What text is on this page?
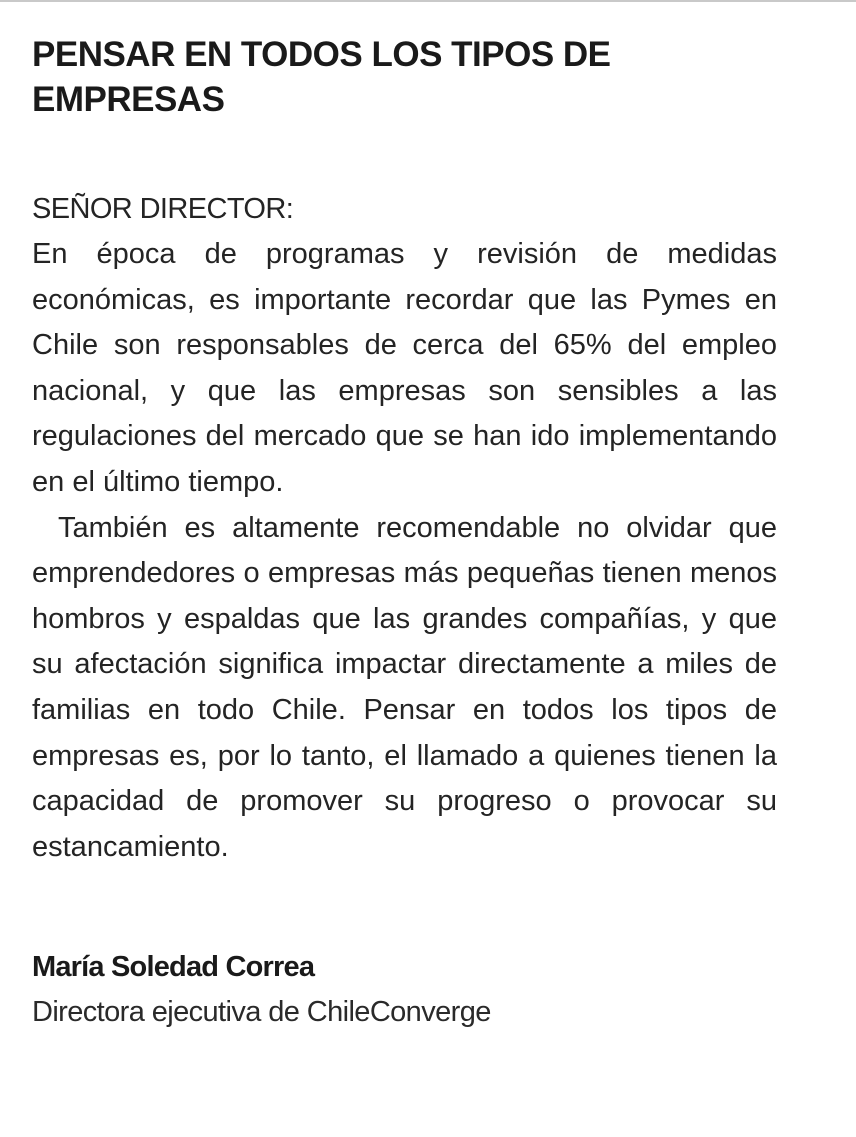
PENSAR EN TODOS LOS TIPOS DE EMPRESAS
SEÑOR DIRECTOR:

En época de programas y revisión de medidas económicas, es importante recordar que las Pymes en Chile son responsables de cerca del 65% del empleo nacional, y que las empresas son sensibles a las regulaciones del mercado que se han ido implementando en el último tiempo.

También es altamente recomendable no olvidar que emprendedores o empresas más pequeñas tienen menos hombros y espaldas que las grandes compañías, y que su afectación significa impactar directamente a miles de familias en todo Chile. Pensar en todos los tipos de empresas es, por lo tanto, el llamado a quienes tienen la capacidad de promover su progreso o provocar su estancamiento.

María Soledad Correa
Directora ejecutiva de ChileConverge
